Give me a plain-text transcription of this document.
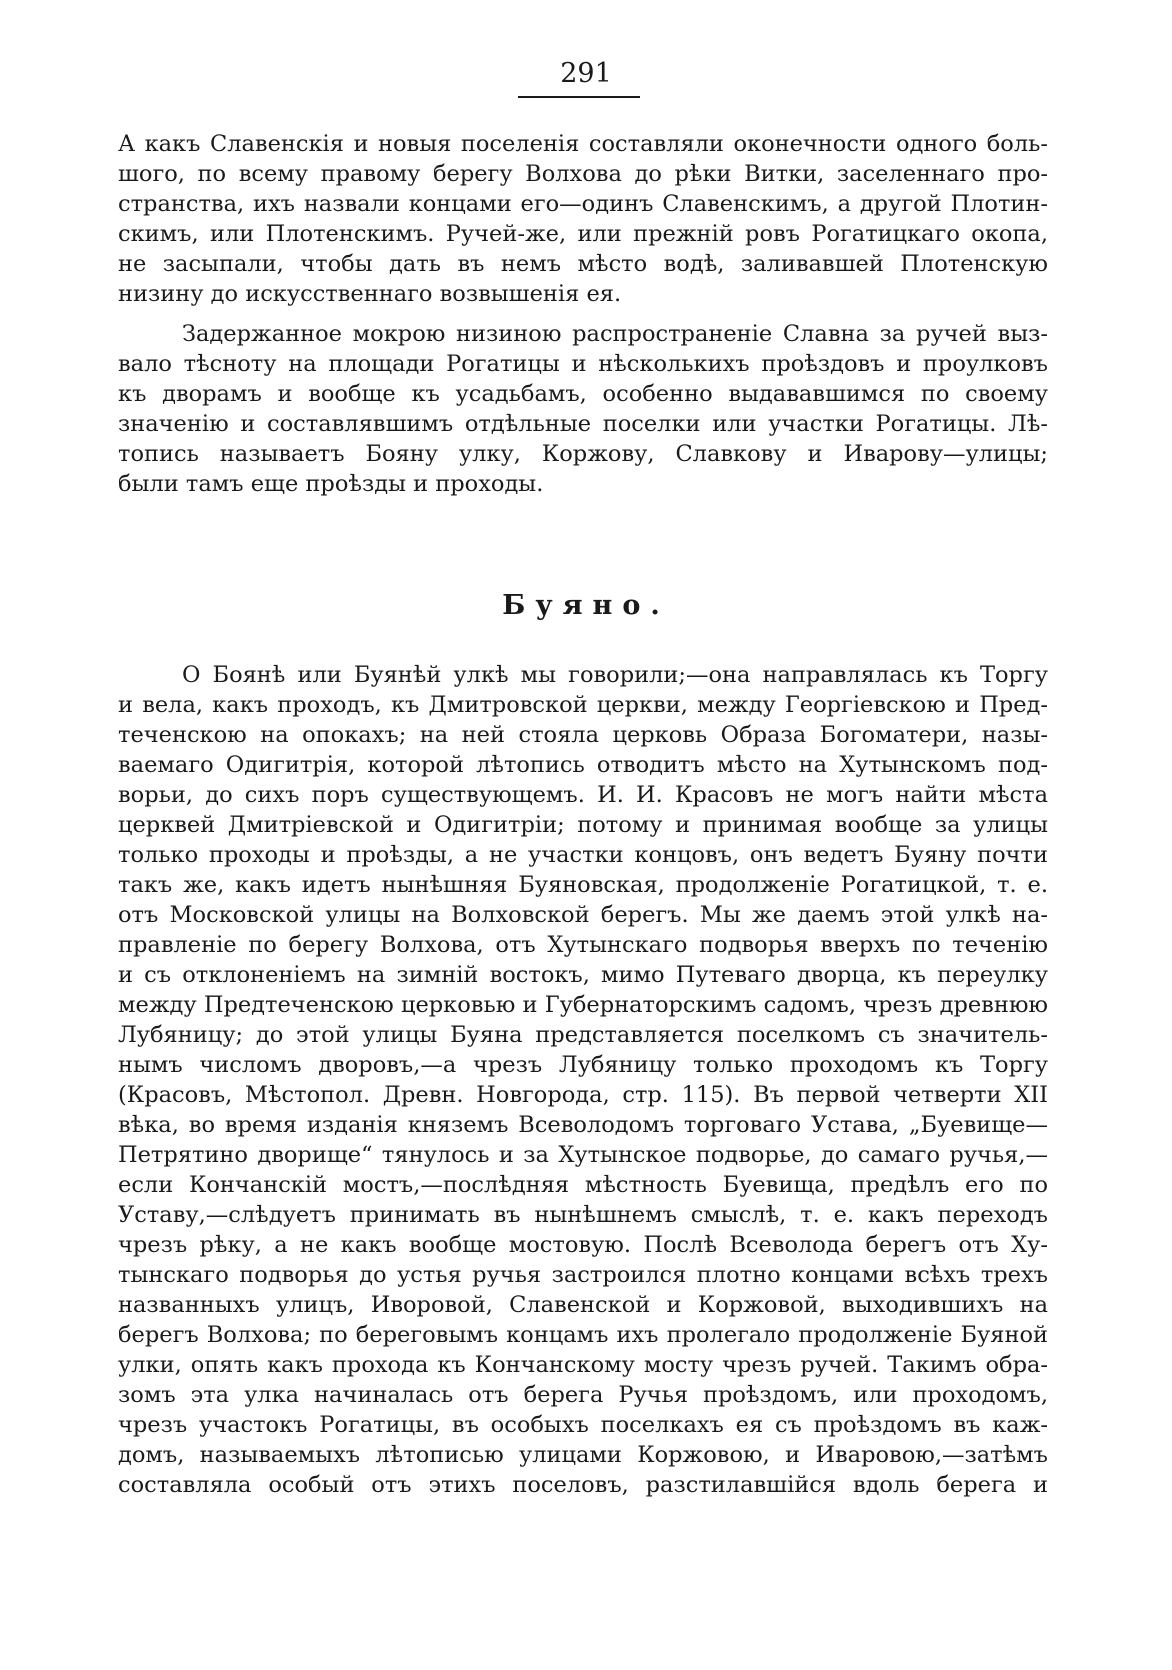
291
А какъ Славенскія и новыя поселенія составляли оконечности одного боль-
шого, по всему правому берегу Волхова до рѣки Витки, заселеннаго про-
странства, ихъ назвали концами его—одинъ Славенскимъ, а другой Плотин-
скимъ, или Плотенскимъ. Ручей-же, или прежній ровъ Рогатицкаго окопа,
не засыпали, чтобы дать въ немъ мѣсто водѣ, заливавшей Плотенскую
низину до искусственнаго возвышенія ея.
Задержанное мокрою низиною распространеніе Славна за ручей выз-
вало тѣсноту на площади Рогатицы и нѣсколькихъ проѣздовъ и проулковъ
къ дворамъ и вообще къ усадьбамъ, особенно выдававшимся по своему
значенію и составлявшимъ отдѣльные поселки или участки Рогатицы. Лѣ-
топись называетъ Бояну улку, Коржову, Славкову и Иварову—улицы;
были тамъ еще проѣзды и проходы.
Буяно.
О Боянѣ или Буянѣй улкѣ мы говорили;—она направлялась къ Торгу
и вела, какъ проходъ, къ Дмитровской церкви, между Георгіевскою и Пред-
теченскою на опокахъ; на ней стояла церковь Образа Богоматери, назы-
ваемаго Одигитрія, которой лѣтопись отводитъ мѣсто на Хутынскомъ под-
ворьи, до сихъ поръ существующемъ. И. И. Красовъ не могъ найти мѣста
церквей Дмитріевской и Одигитріи; потому и принимая вообще за улицы
только проходы и проѣзды, а не участки концовъ, онъ ведетъ Буяну почти
такъ же, какъ идетъ нынѣшняя Буяновская, продолженіе Рогатицкой, т. е.
отъ Московской улицы на Волховской берегъ. Мы же даемъ этой улкѣ на-
правленіе по берегу Волхова, отъ Хутынскаго подворья вверхъ по теченію
и съ отклоненіемъ на зимній востокъ, мимо Путеваго дворца, къ переулку
между Предтеченскою церковью и Губернаторскимъ садомъ, чрезъ древнюю
Лубяницу; до этой улицы Буяна представляется поселкомъ съ значитель-
нымъ числомъ дворовъ,—а чрезъ Лубяницу только проходомъ къ Торгу
(Красовъ, Мѣстопол. Древн. Новгорода, стр. 115). Въ первой четверти XII
вѣка, во время изданія княземъ Всеволодомъ торговаго Устава, „Буевище—
Петрятино дворище“ тянулось и за Хутынское подворье, до самаго ручья,—
если Кончанскій мостъ,—послѣдняя мѣстность Буевища, предѣлъ его по
Уставу,—слѣдуетъ принимать въ нынѣшнемъ смыслѣ, т. е. какъ переходъ
чрезъ рѣку, а не какъ вообще мостовую. Послѣ Всеволода берегъ отъ Ху-
тынскаго подворья до устья ручья застроился плотно концами всѣхъ трехъ
названныхъ улицъ, Иворовой, Славенской и Коржовой, выходившихъ на
берегъ Волхова; по береговымъ концамъ ихъ пролегало продолженіе Буяной
улки, опять какъ прохода къ Кончанскому мосту чрезъ ручей. Такимъ обра-
зомъ эта улка начиналась отъ берега Ручья проѣздомъ, или проходомъ,
чрезъ участокъ Рогатицы, въ особыхъ поселкахъ ея съ проѣздомъ въ каж-
домъ, называемыхъ лѣтописью улицами Коржовою, и Иваровою,—затѣмъ
составляла особый отъ этихъ поселовъ, разстилавшійся вдоль берега и
